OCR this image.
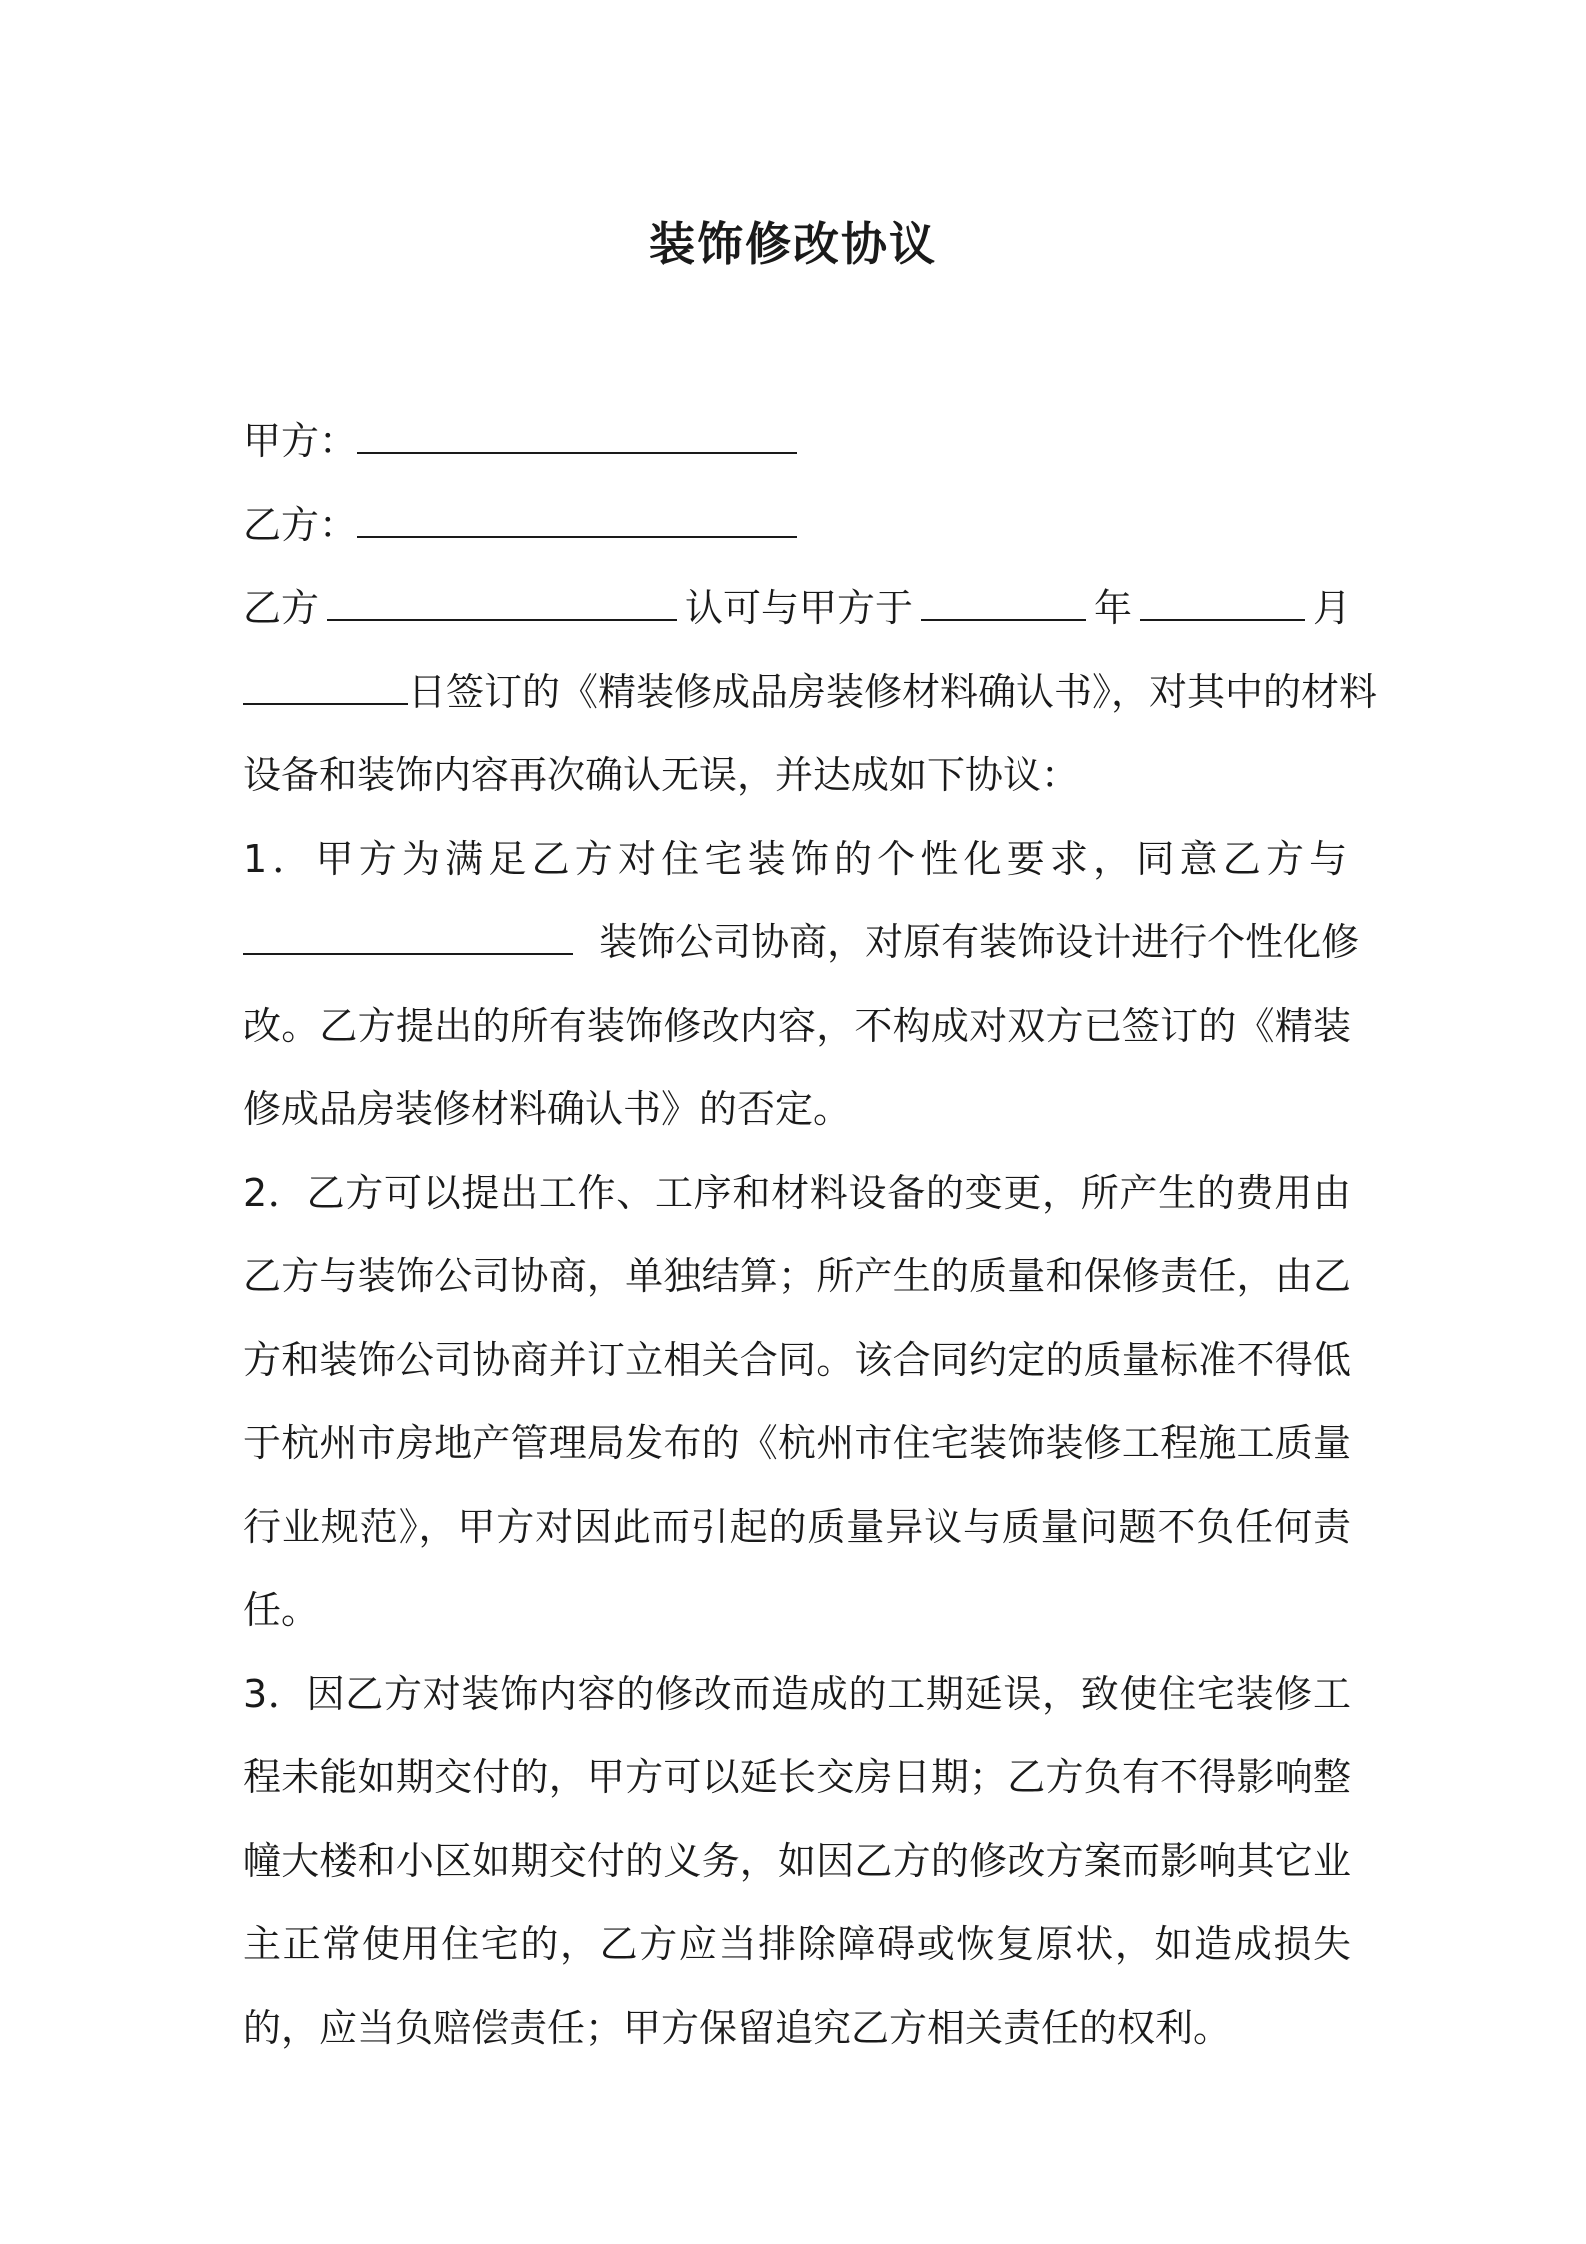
装饰修改协议
甲方：
乙方：
乙方	认可与甲方于	年	月
日签订的《精装修成品房装修材料确认书》，对其中的材料
设备和装饰内容再次确认无误，并达成如下协议：
1．甲方为满足乙方对住宅装饰的个性化要求，同意乙方与
装饰公司协商，对原有装饰设计进行个性化修

改。乙方提出的所有装饰修改内容，不构成对双方已签订的《精装修成品房装修材料确认书》的否定。

2．乙方可以提出工作、工序和材料设备的变更，所产生的费用由乙方与装饰公司协商，单独结算；所产生的质量和保修责任，由乙方和装饰公司协商并订立相关合同。该合同约定的质量标准不得低于杭州市房地产管理局发布的《杭州市住宅装饰装修工程施工质量行业规范》，甲方对因此而引起的质量异议与质量问题不负任何责任。

3．因乙方对装饰内容的修改而造成的工期延误，致使住宅装修工程未能如期交付的，甲方可以延长交房日期；乙方负有不得影响整幢大楼和小区如期交付的义务，如因乙方的修改方案而影响其它业主正常使用住宅的，乙方应当排除障碍或恢复原状，如造成损失的，应当负赔偿责任；甲方保留追究乙方相关责任的权利。
